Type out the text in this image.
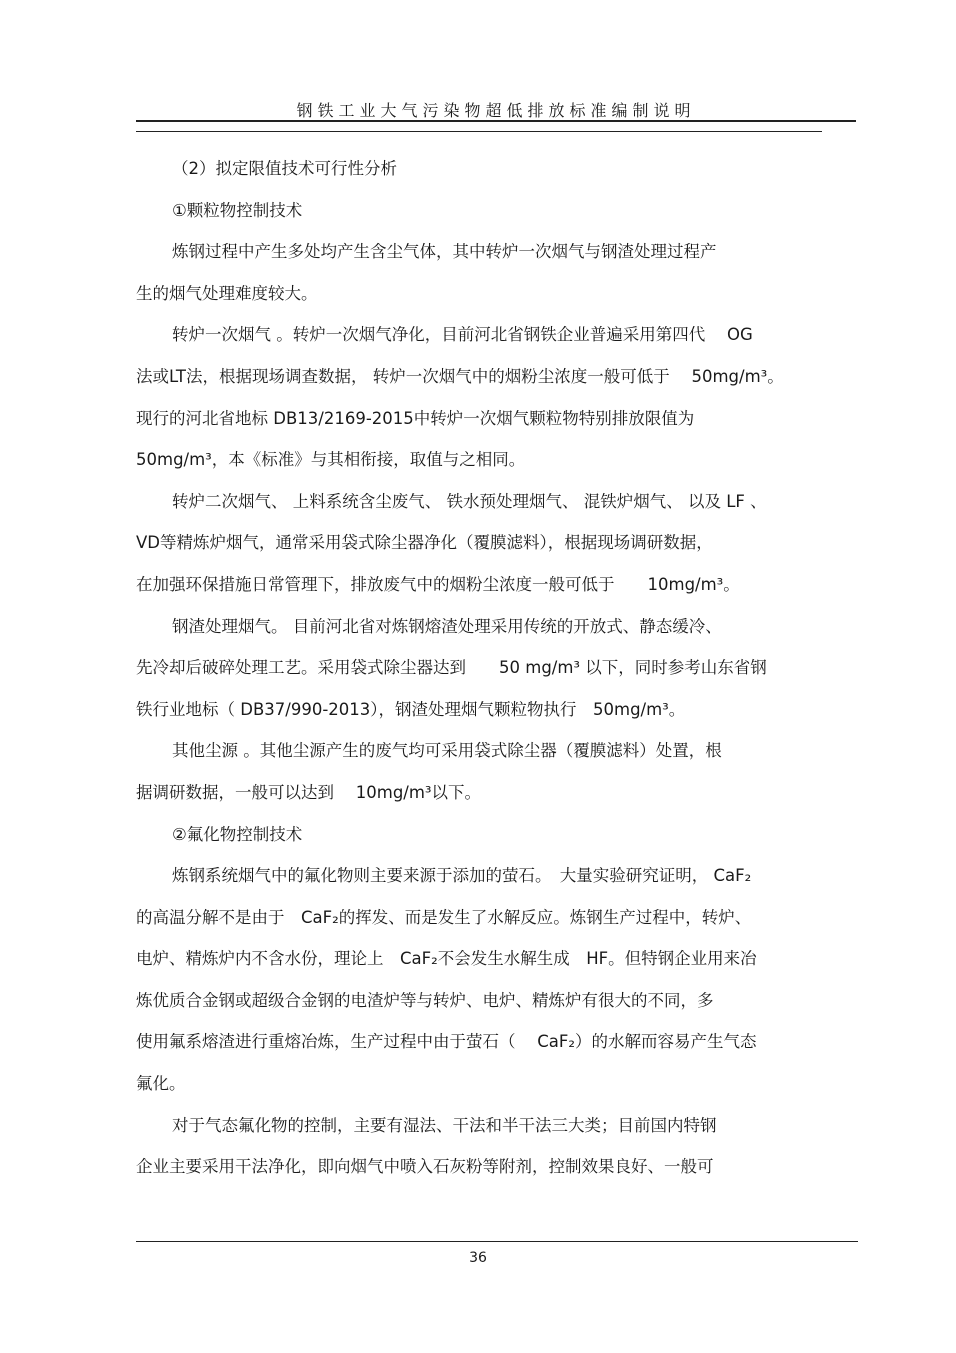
钢铁工业大气污染物超低排放标准编制说明
（2）拟定限值技术可行性分析
①颗粒物控制技术
炼钢过程中产生多处均产生含尘气体，其中转炉一次烟气与钢渣处理过程产
生的烟气处理难度较大。
转炉一次烟气 。转炉一次烟气净化，目前河北省钢铁企业普遍采用第四代　 OG
法或LT法，根据现场调查数据， 转炉一次烟气中的烟粉尘浓度一般可低于　 50mg/m³。
现行的河北省地标 DB13/2169-2015中转炉一次烟气颗粒物特别排放限值为
50mg/m³，本《标准》与其相衔接，取值与之相同。
转炉二次烟气、 上料系统含尘废气、 铁水预处理烟气、 混铁炉烟气、 以及 LF 、
VD等精炼炉烟气，通常采用袋式除尘器净化（覆膜滤料），根据现场调研数据，
在加强环保措施日常管理下，排放废气中的烟粉尘浓度一般可低于　　10mg/m³。
钢渣处理烟气。 目前河北省对炼钢熔渣处理采用传统的开放式、静态缓冷、
先冷却后破碎处理工艺。采用袋式除尘器达到　　50 mg/m³ 以下，同时参考山东省钢
铁行业地标（ DB37/990-2013），钢渣处理烟气颗粒物执行　50mg/m³。
其他尘源 。其他尘源产生的废气均可采用袋式除尘器（覆膜滤料）处置，根
据调研数据，一般可以达到　 10mg/m³以下。
②氟化物控制技术
炼钢系统烟气中的氟化物则主要来源于添加的萤石。　大量实验研究证明， CaF₂
的高温分解不是由于　CaF₂的挥发、而是发生了水解反应。炼钢生产过程中，转炉、
电炉、精炼炉内不含水份，理论上　CaF₂不会发生水解生成　HF。但特钢企业用来冶
炼优质合金钢或超级合金钢的电渣炉等与转炉、电炉、精炼炉有很大的不同，多
使用氟系熔渣进行重熔冶炼，生产过程中由于萤石（　 CaF₂）的水解而容易产生气态
氟化。
对于气态氟化物的控制，主要有湿法、干法和半干法三大类；目前国内特钢
企业主要采用干法净化，即向烟气中喷入石灰粉等附剂，控制效果良好、一般可
36
